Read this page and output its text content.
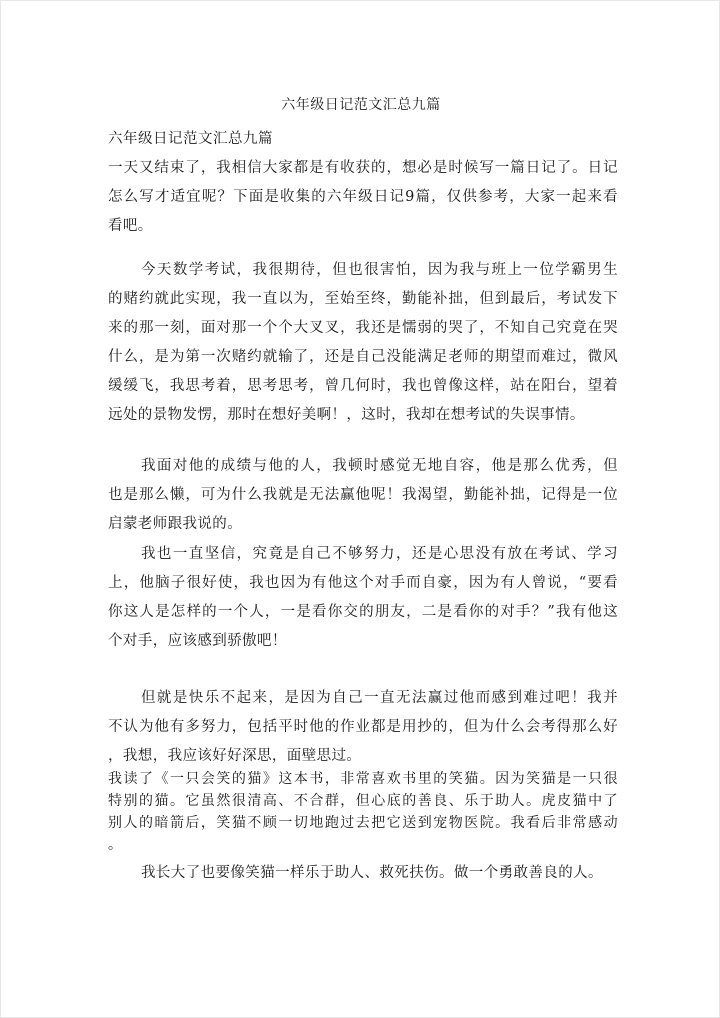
六年级日记范文汇总九篇
六年级日记范文汇总九篇
一天又结束了，我相信大家都是有收获的，想必是时候写一篇日记了。日记
怎么写才适宜呢？下面是收集的六年级日记9篇，仅供参考，大家一起来看
看吧。
今天数学考试，我很期待，但也很害怕，因为我与班上一位学霸男生
的赌约就此实现，我一直以为，至始至终，勤能补拙，但到最后，考试发下
来的那一刻，面对那一个个大叉叉，我还是懦弱的哭了，不知自己究竟在哭
什么，是为第一次赌约就输了，还是自己没能满足老师的期望而难过，微风
缓缓飞，我思考着，思考思考，曾几何时，我也曾像这样，站在阳台，望着
远处的景物发愣，那时在想好美啊！，这时，我却在想考试的失误事情。
我面对他的成绩与他的人，我顿时感觉无地自容，他是那么优秀，但
也是那么懒，可为什么我就是无法赢他呢！我渴望，勤能补拙，记得是一位
启蒙老师跟我说的。
我也一直坚信，究竟是自己不够努力，还是心思没有放在考试、学习
上，他脑子很好使，我也因为有他这个对手而自豪，因为有人曾说，“要看
你这人是怎样的一个人，一是看你交的朋友，二是看你的对手？”我有他这
个对手，应该感到骄傲吧！
但就是快乐不起来，是因为自己一直无法赢过他而感到难过吧！我并
不认为他有多努力，包括平时他的作业都是用抄的，但为什么会考得那么好
，我想，我应该好好深思，面壁思过。
我读了《一只会笑的猫》这本书，非常喜欢书里的笑猫。因为笑猫是一只很
特别的猫。它虽然很清高、不合群，但心底的善良、乐于助人。虎皮猫中了
别人的暗箭后，笑猫不顾一切地跑过去把它送到宠物医院。我看后非常感动
。
我长大了也要像笑猫一样乐于助人、救死扶伤。做一个勇敢善良的人。
